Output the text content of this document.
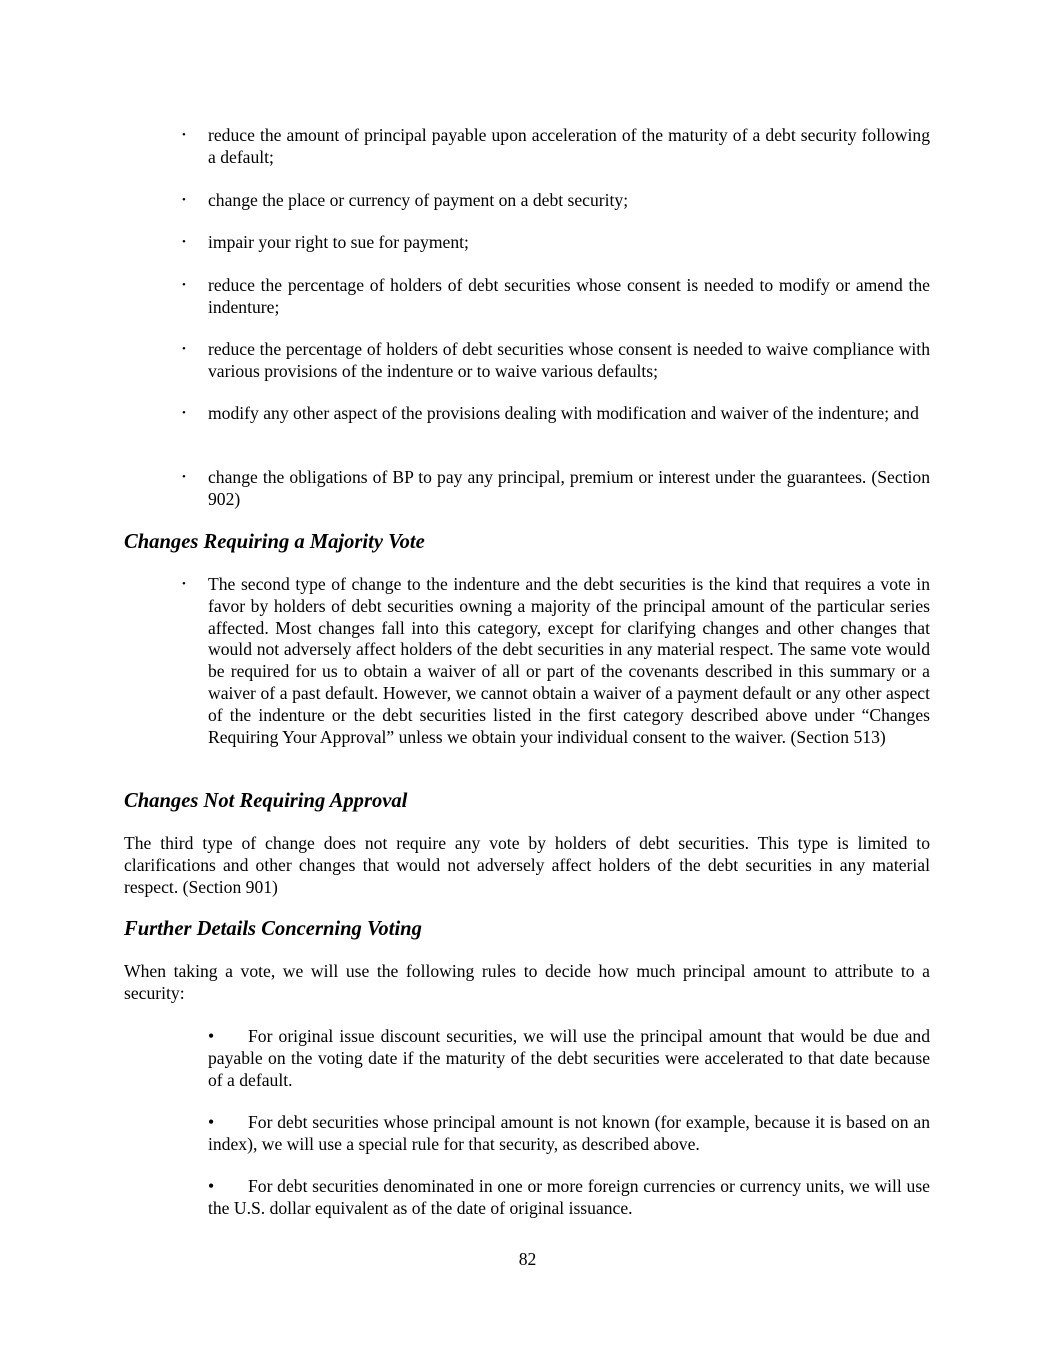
• reduce the amount of principal payable upon acceleration of the maturity of a debt security following a default;

• change the place or currency of payment on a debt security;

• impair your right to sue for payment;

• reduce the percentage of holders of debt securities whose consent is needed to modify or amend the indenture;

• reduce the percentage of holders of debt securities whose consent is needed to waive compliance with various provisions of the indenture or to waive various defaults;

• modify any other aspect of the provisions dealing with modification and waiver of the indenture; and

• change the obligations of BP to pay any principal, premium or interest under the guarantees. (Section 902)

Changes Requiring a Majority Vote

• The second type of change to the indenture and the debt securities is the kind that requires a vote in favor by holders of debt securities owning a majority of the principal amount of the particular series affected. Most changes fall into this category, except for clarifying changes and other changes that would not adversely affect holders of the debt securities in any material respect. The same vote would be required for us to obtain a waiver of all or part of the covenants described in this summary or a waiver of a past default. However, we cannot obtain a waiver of a payment default or any other aspect of the indenture or the debt securities listed in the first category described above under “Changes Requiring Your Approval” unless we obtain your individual consent to the waiver. (Section 513)

Changes Not Requiring Approval

The third type of change does not require any vote by holders of debt securities. This type is limited to clarifications and other changes that would not adversely affect holders of the debt securities in any material respect. (Section 901)

Further Details Concerning Voting

When taking a vote, we will use the following rules to decide how much principal amount to attribute to a security:

• For original issue discount securities, we will use the principal amount that would be due and payable on the voting date if the maturity of the debt securities were accelerated to that date because of a default.

• For debt securities whose principal amount is not known (for example, because it is based on an index), we will use a special rule for that security, as described above.

• For debt securities denominated in one or more foreign currencies or currency units, we will use the U.S. dollar equivalent as of the date of original issuance.

82
